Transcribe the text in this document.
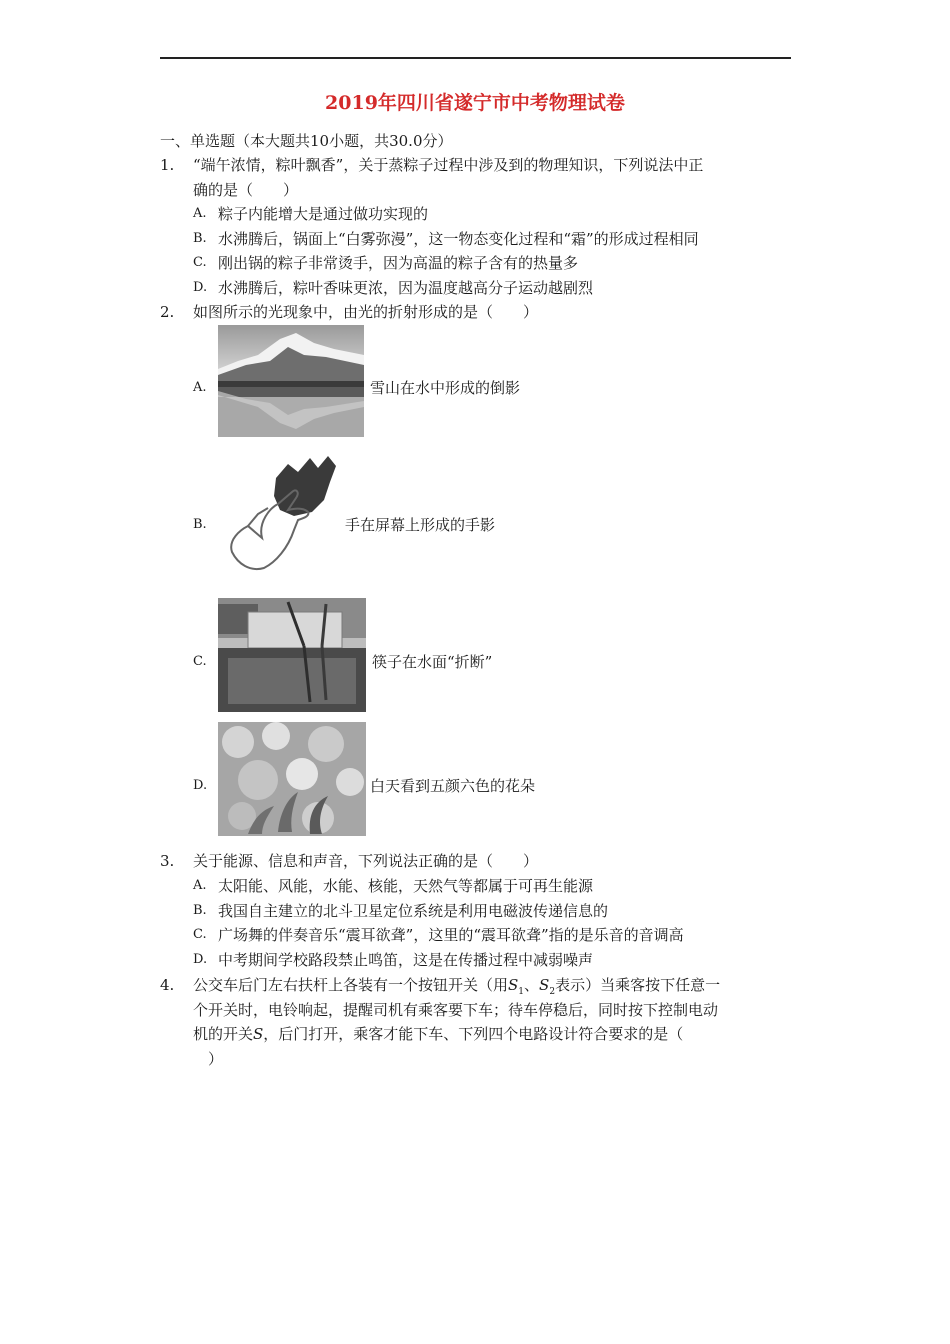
2019年四川省遂宁市中考物理试卷
一、单选题（本大题共10小题，共30.0分）
1. “端午浓情，粽叶飘香”，关于蒸粽子过程中涉及到的物理知识，下列说法中正
确的是（　　）
A. 粽子内能增大是通过做功实现的
B. 水沸腾后，锅面上“白雾弥漫”，这一物态变化过程和“霜”的形成过程相同
C. 刚出锅的粽子非常烫手，因为高温的粽子含有的热量多
D. 水沸腾后，粽叶香味更浓，因为温度越高分子运动越剧烈
2. 如图所示的光现象中，由光的折射形成的是（　　）
A.	雪山在水中形成的倒影
B.	手在屏幕上形成的手影
C.	筷子在水面“折断”
D.	白天看到五颜六色的花朵
3. 关于能源、信息和声音，下列说法正确的是（　　）
A. 太阳能、风能，水能、核能，天然气等都属于可再生能源
B. 我国自主建立的北斗卫星定位系统是利用电磁波传递信息的
C. 广场舞的伴奏音乐“震耳欲聋”，这里的“震耳欲聋”指的是乐音的音调高
D. 中考期间学校路段禁止鸣笛，这是在传播过程中减弱噪声
4. 公交车后门左右扶杆上各装有一个按钮开关（用$S_1$、$S_2$表示）当乘客按下任意一
个开关时，电铃响起，提醒司机有乘客要下车；待车停稳后，同时按下控制电动
机的开关S，后门打开，乘客才能下车、下列四个电路设计符合要求的是（
）
